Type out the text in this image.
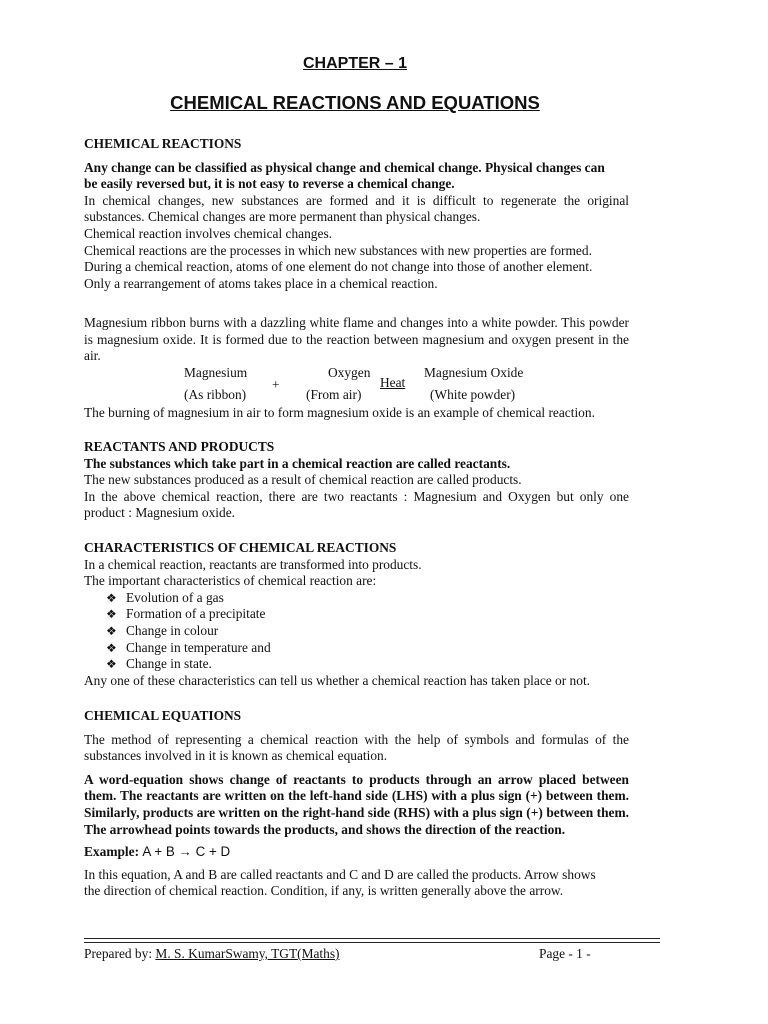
CHAPTER – 1
CHEMICAL REACTIONS AND EQUATIONS

CHEMICAL REACTIONS

Any change can be classified as physical change and chemical change. Physical changes can be easily reversed but, it is not easy to reverse a chemical change.

In chemical changes, new substances are formed and it is difficult to regenerate the original substances. Chemical changes are more permanent than physical changes.

Chemical reaction involves chemical changes.

Chemical reactions are the processes in which new substances with new properties are formed.

During a chemical reaction, atoms of one element do not change into those of another element.

Only a rearrangement of atoms takes place in a chemical reaction.

Magnesium ribbon burns with a dazzling white flame and changes into a white powder. This powder is magnesium oxide. It is formed due to the reaction between magnesium and oxygen present in the air.
Magnesium
(As ribbon)
+
Oxygen
(From air)
Heat
Magnesium Oxide
(White powder)
The burning of magnesium in air to form magnesium oxide is an example of chemical reaction.

REACTANTS AND PRODUCTS

The substances which take part in a chemical reaction are called reactants.

The new substances produced as a result of chemical reaction are called products.

In the above chemical reaction, there are two reactants : Magnesium and Oxygen but only one product : Magnesium oxide.

CHARACTERISTICS OF CHEMICAL REACTIONS

In a chemical reaction, reactants are transformed into products.

The important characteristics of chemical reaction are:

❖ Evolution of a gas
❖ Formation of a precipitate
❖ Change in colour
❖ Change in temperature and
❖ Change in state.

Any one of these characteristics can tell us whether a chemical reaction has taken place or not.

CHEMICAL EQUATIONS

The method of representing a chemical reaction with the help of symbols and formulas of the substances involved in it is known as chemical equation.

A word-equation shows change of reactants to products through an arrow placed between them. The reactants are written on the left-hand side (LHS) with a plus sign (+) between them. Similarly, products are written on the right-hand side (RHS) with a plus sign (+) between them. The arrowhead points towards the products, and shows the direction of the reaction.

Example: A + B → C + D

In this equation, A and B are called reactants and C and D are called the products. Arrow shows the direction of chemical reaction. Condition, if any, is written generally above the arrow.

Prepared by: M. S. KumarSwamy, TGT(Maths)	Page - 1 -
